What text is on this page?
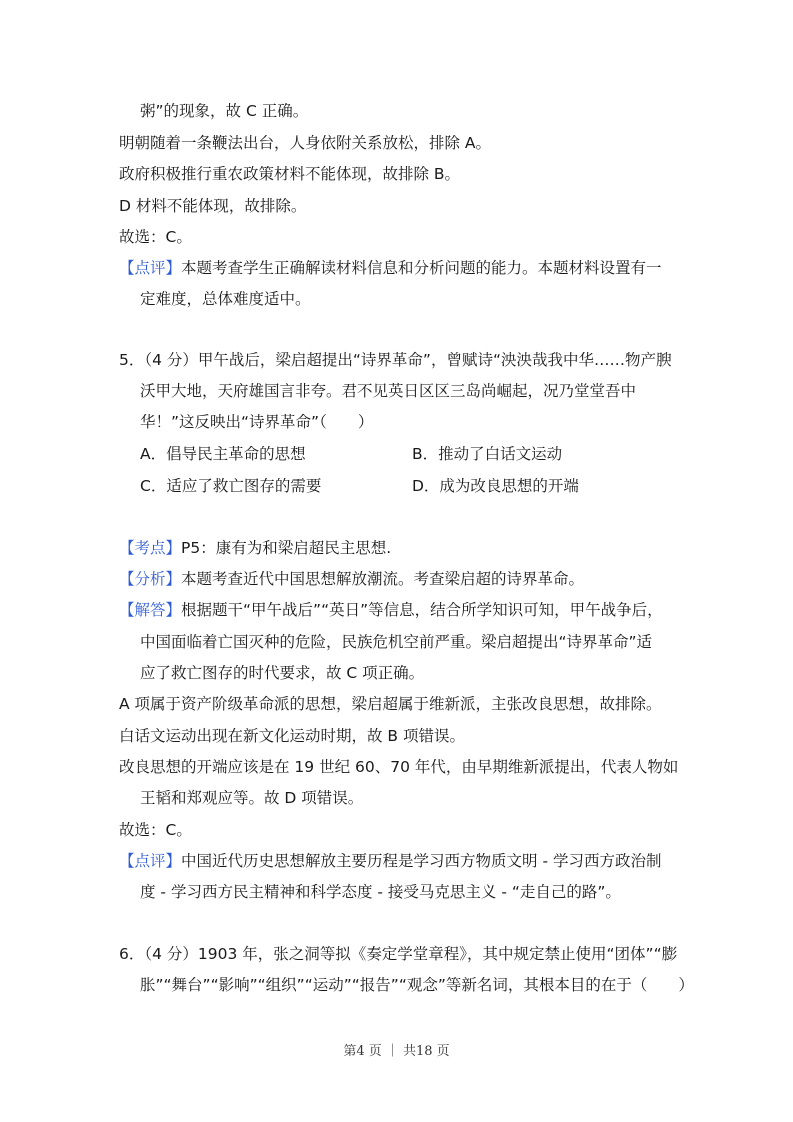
粥”的现象，故 C 正确。
明朝随着一条鞭法出台，人身依附关系放松，排除 A。
政府积极推行重农政策材料不能体现，故排除 B。
D 材料不能体现，故排除。
故选：C。
【点评】本题考查学生正确解读材料信息和分析问题的能力。本题材料设置有一
定难度，总体难度适中。
5．（4 分）甲午战后，梁启超提出“诗界革命”，曾赋诗“泱泱哉我中华……物产腴
沃甲大地，天府雄国言非夸。君不见英日区区三岛尚崛起，况乃堂堂吾中
华！”这反映出“诗界革命”（　　）
A．倡导民主革命的思想	B．推动了白话文运动
C．适应了救亡图存的需要	D．成为改良思想的开端
【考点】P5：康有为和梁启超民主思想.
【分析】本题考查近代中国思想解放潮流。考查梁启超的诗界革命。
【解答】根据题干“甲午战后”“英日”等信息，结合所学知识可知，甲午战争后，
中国面临着亡国灭种的危险，民族危机空前严重。梁启超提出“诗界革命”适
应了救亡图存的时代要求，故 C 项正确。
A 项属于资产阶级革命派的思想，梁启超属于维新派，主张改良思想，故排除。
白话文运动出现在新文化运动时期，故 B 项错误。
改良思想的开端应该是在 19 世纪 60、70 年代，由早期维新派提出，代表人物如
王韬和郑观应等。故 D 项错误。
故选：C。
【点评】中国近代历史思想解放主要历程是学习西方物质文明 - 学习西方政治制
度 - 学习西方民主精神和科学态度 - 接受马克思主义 - “走自己的路”。
6．（4 分）1903 年，张之洞等拟《奏定学堂章程》，其中规定禁止使用“团体”“膨
胀”“舞台”“影响”“组织”“运动”“报告”“观念”等新名词，其根本目的在于（　　）
第4 页 ｜ 共18 页
